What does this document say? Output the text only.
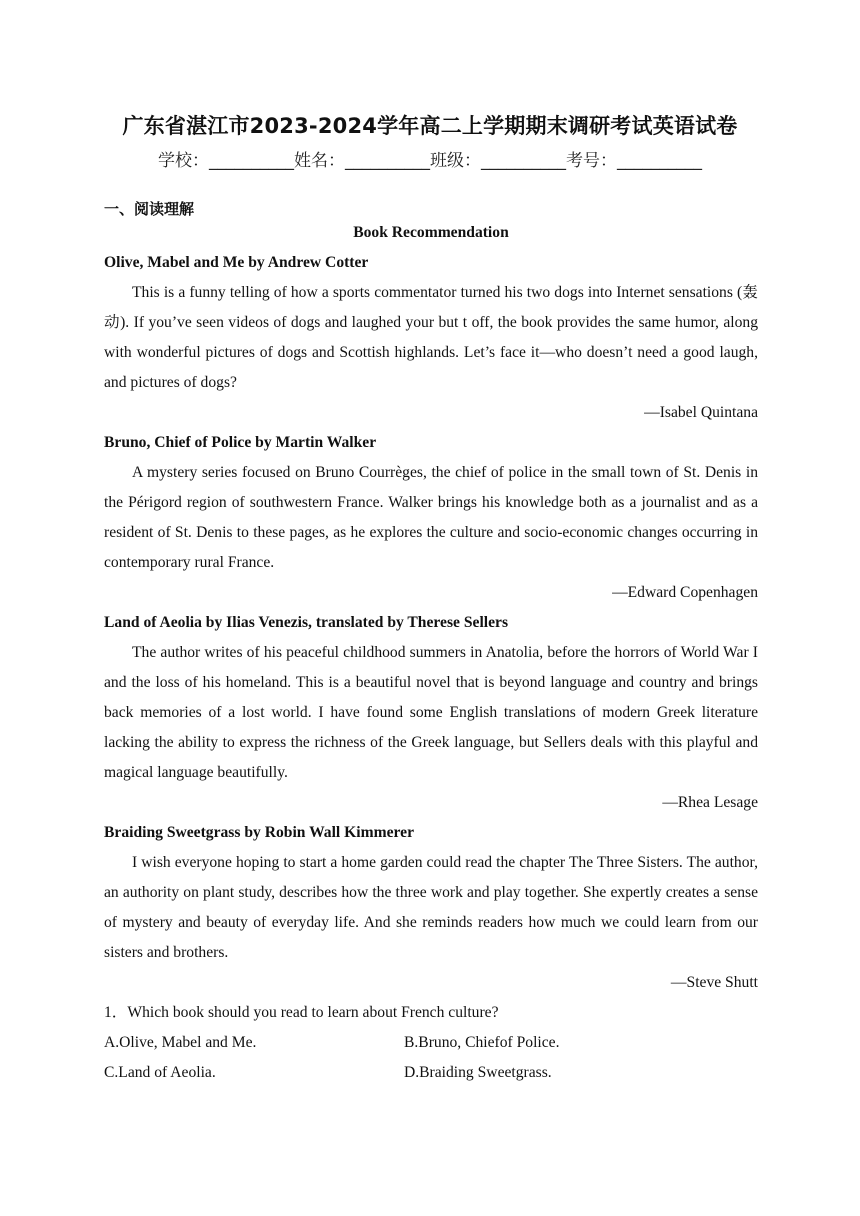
广东省湛江市2023-2024学年高二上学期期末调研考试英语试卷
学校：__________姓名：__________班级：__________考号：__________
一、阅读理解
Book Recommendation
Olive, Mabel and Me by Andrew Cotter
This is a funny telling of how a sports commentator turned his two dogs into Internet sensations (轰动). If you’ve seen videos of dogs and laughed your but t off, the book provides the same humor, along with wonderful pictures of dogs and Scottish highlands. Let’s face it—who doesn’t need a good laugh, and pictures of dogs?
—Isabel Quintana
Bruno, Chief of Police by Martin Walker
A mystery series focused on Bruno Courrèges, the chief of police in the small town of St. Denis in the Périgord region of southwestern France. Walker brings his knowledge both as a journalist and as a resident of St. Denis to these pages, as he explores the culture and socio-economic changes occurring in contemporary rural France.
—Edward Copenhagen
Land of Aeolia by Ilias Venezis, translated by Therese Sellers
The author writes of his peaceful childhood summers in Anatolia, before the horrors of World War I and the loss of his homeland. This is a beautiful novel that is beyond language and country and brings back memories of a lost world. I have found some English translations of modern Greek literature lacking the ability to express the richness of the Greek language, but Sellers deals with this playful and magical language beautifully.
—Rhea Lesage
Braiding Sweetgrass by Robin Wall Kimmerer
I wish everyone hoping to start a home garden could read the chapter The Three Sisters. The author, an authority on plant study, describes how the three work and play together. She expertly creates a sense of mystery and beauty of everyday life. And she reminds readers how much we could learn from our sisters and brothers.
—Steve Shutt
1．Which book should you read to learn about French culture?
A.Olive, Mabel and Me.	B.Bruno, Chiefof Police.
C.Land of Aeolia.	D.Braiding Sweetgrass.
